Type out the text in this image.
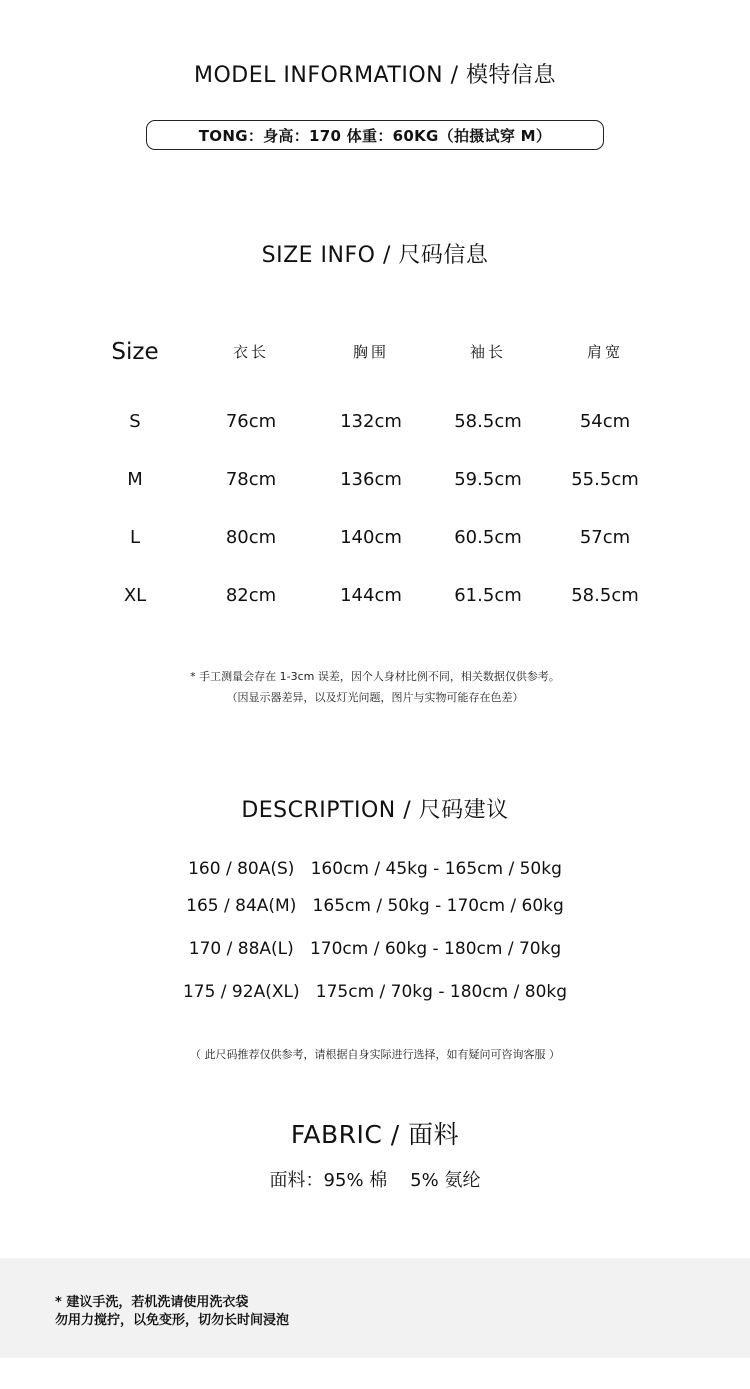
MODEL INFORMATION / 模特信息
TONG：身高：170 体重：60KG（拍摄试穿 M）
SIZE INFO / 尺码信息
Size	衣长	胸围	袖长	肩宽
S	76cm	132cm	58.5cm	54cm
M	78cm	136cm	59.5cm	55.5cm
L	80cm	140cm	60.5cm	57cm
XL	82cm	144cm	61.5cm	58.5cm
* 手工测量会存在 1-3cm 误差，因个人身材比例不同，相关数据仅供参考。
（因显示器差异，以及灯光问题，图片与实物可能存在色差）
DESCRIPTION / 尺码建议
160 / 80A(S)   160cm / 45kg - 165cm / 50kg
165 / 84A(M)   165cm / 50kg - 170cm / 60kg
170 / 88A(L)   170cm / 60kg - 180cm / 70kg
175 / 92A(XL)   175cm / 70kg - 180cm / 80kg
（ 此尺码推荐仅供参考，请根据自身实际进行选择，如有疑问可咨询客服 ）
FABRIC / 面料
面料：95% 棉    5% 氨纶
* 建议手洗，若机洗请使用洗衣袋
勿用力搅拧，以免变形，切勿长时间浸泡
